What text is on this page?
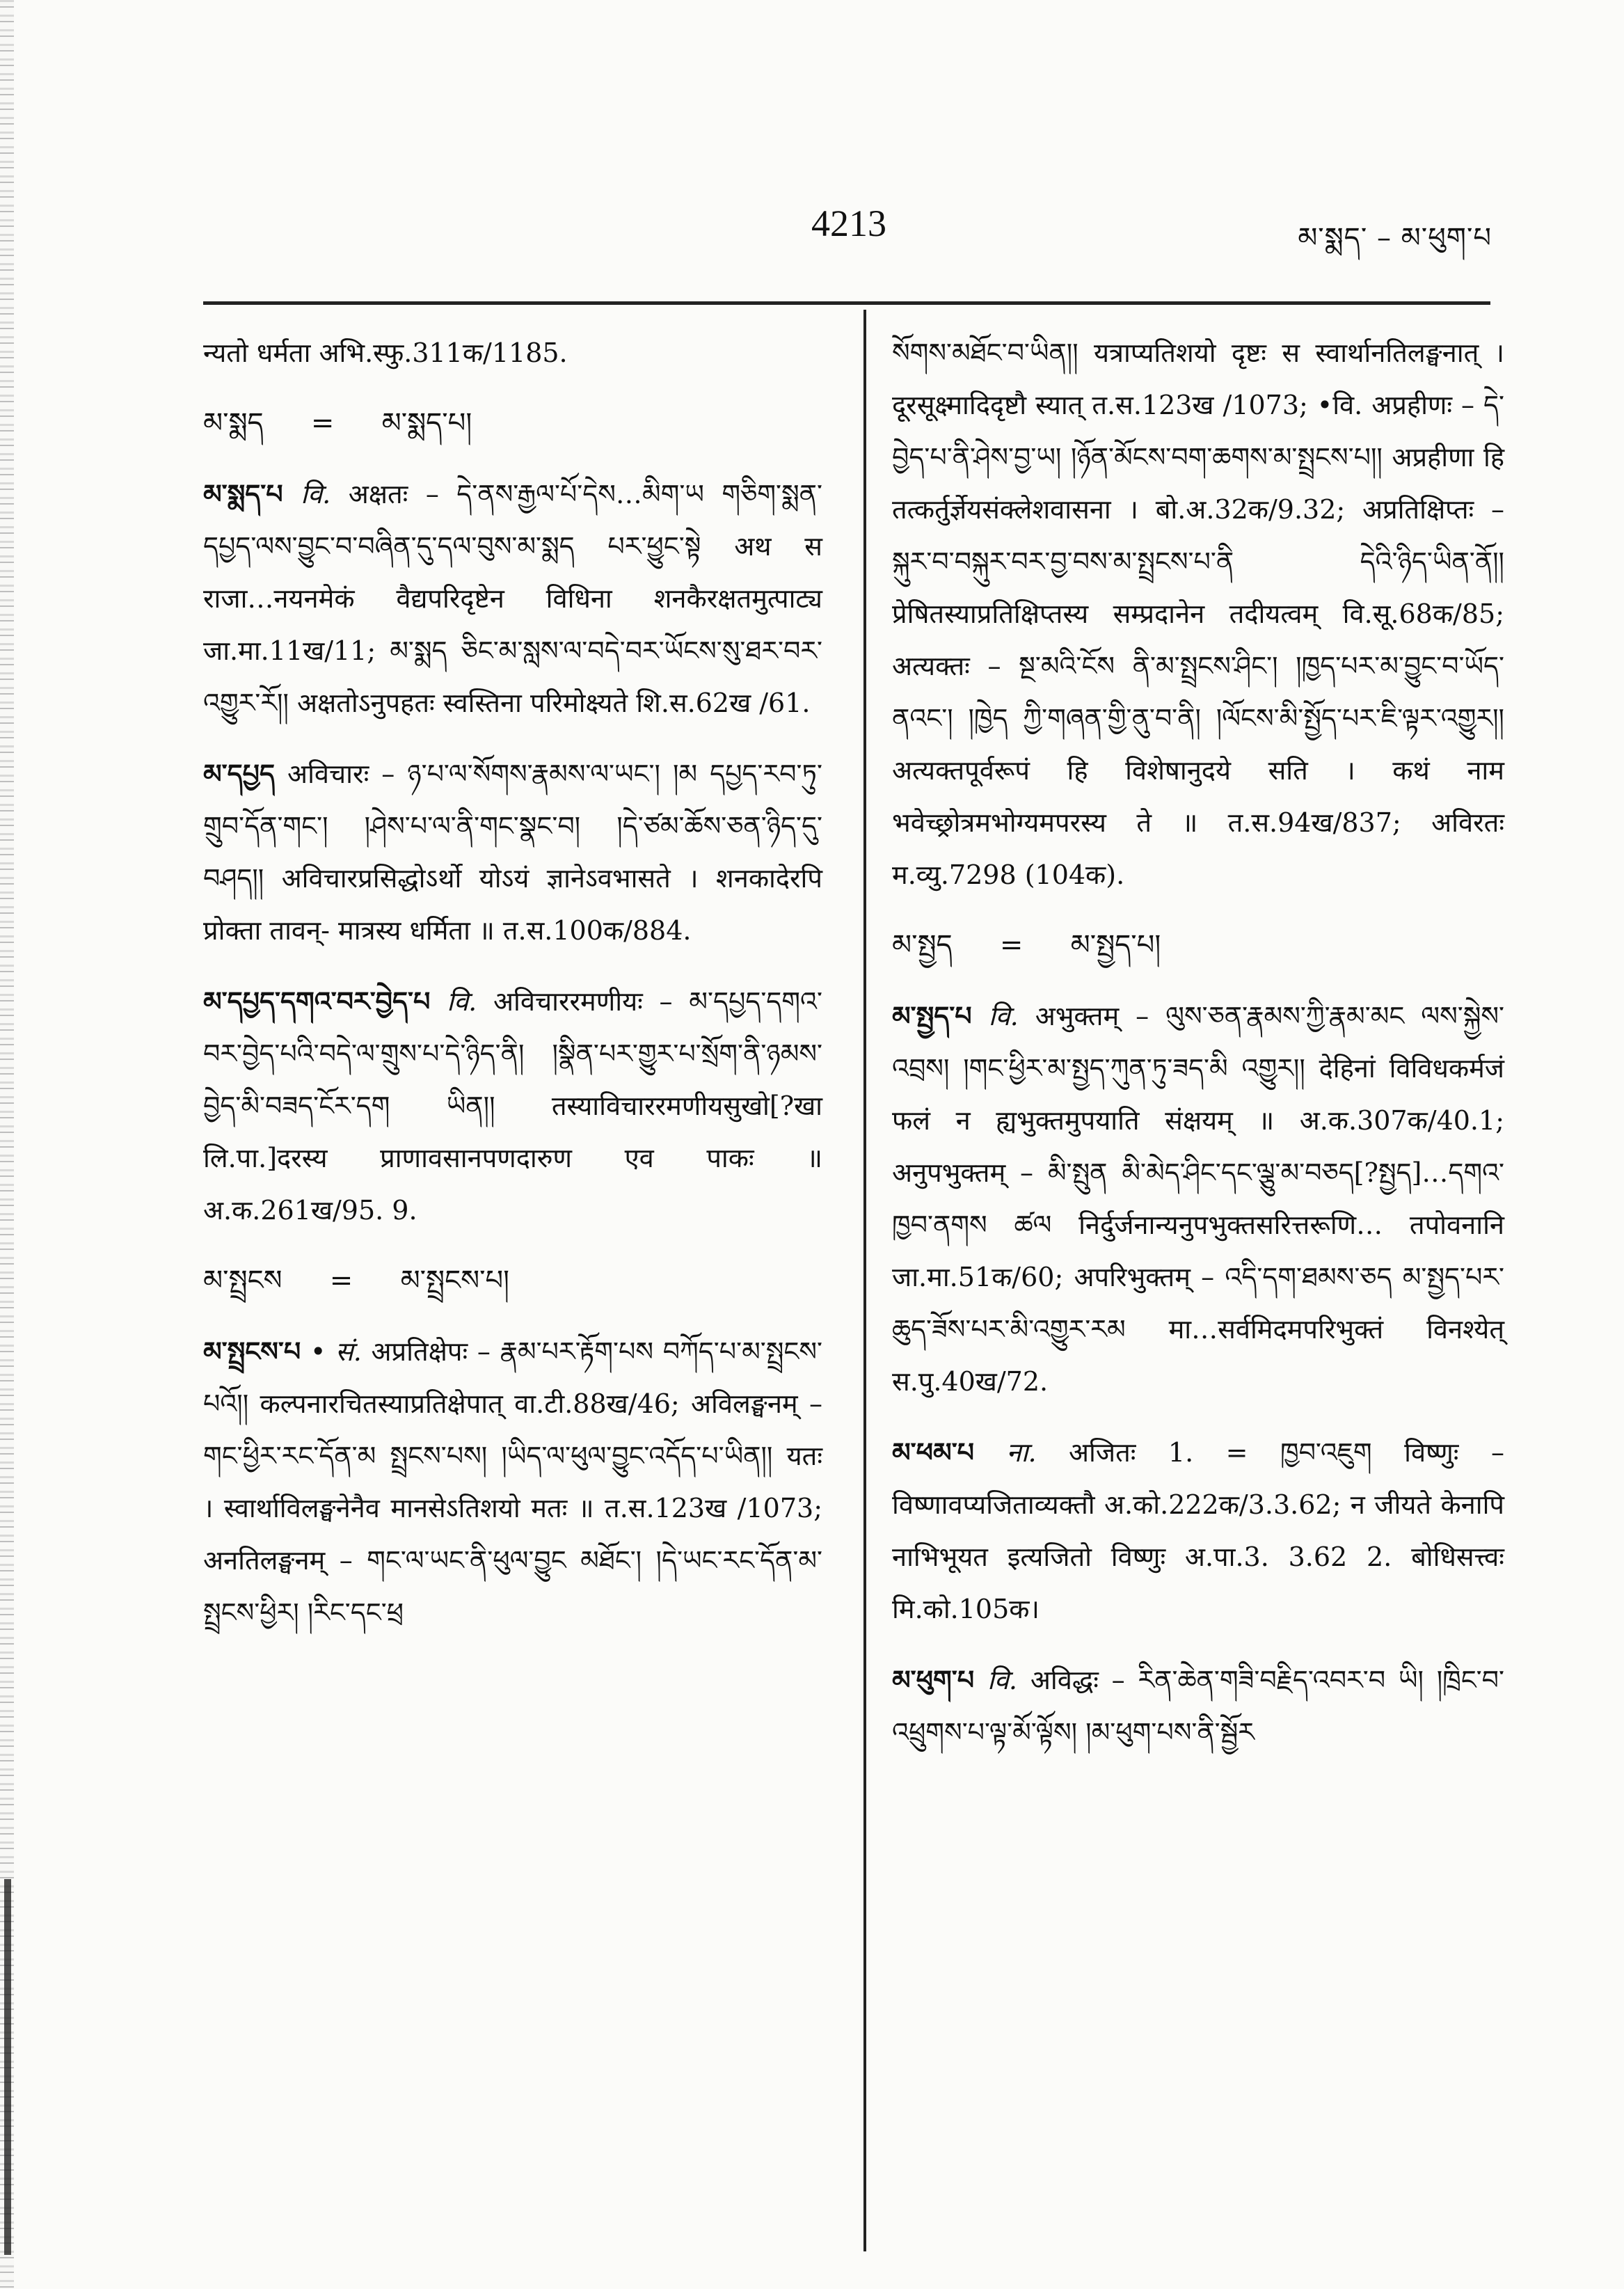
4213	མ་སྨད་ – མ་ཕུག་པ
न्यतो धर्मता अभि.स्फु.311क/1185.
མ་སྨད = མ་སྨད་པ།
མ་སྨད་པ वि. अक्षतः – དེ་ནས་རྒྱལ་པོ་དེས…མིག་ཡ གཅིག་སྨན་དཔྱད་ལས་བྱུང་བ་བཞིན་དུ་དལ་བུས་མ་སྨད པར་ཕྱུང་སྟེ अथ स राजा…नयनमेकं वैद्यपरिदृष्टेन विधिना शनकैरक्षतमुत्पाट्य जा.मा.11ख/11; མ་སྨད ཅིང་མ་སླས་ལ་བདེ་བར་ཡོངས་སུ་ཐར་བར་འགྱུར་རོ།། अक्षतोऽनुपहतः स्वस्तिना परिमोक्ष्यते शि.स.62ख /61.
མ་དཔྱད अविचारः – ཉ་པ་ལ་སོགས་རྣམས་ལ་ཡང་། །མ དཔྱད་རབ་ཏུ་གྲུབ་དོན་གང་། །ཤེས་པ་ལ་ནི་གང་སྣང་བ། །དེ་ཙམ་ཆོས་ཅན་ཉིད་དུ་བཤད།། अविचारप्रसिद्धोऽर्थो योऽयं ज्ञानेऽवभासते । शनकादेरपि प्रोक्ता तावन्- मात्रस्य धर्मिता ॥ त.स.100क/884.
མ་དཔྱད་དགའ་བར་བྱེད་པ वि. अविचाररमणीयः – མ་དཔྱད་དགའ་བར་བྱེད་པའི་བདེ་ལ་གྲུས་པ་དེ་ཉིད་ནི། །སྣིན་པར་གྱུར་པ་སྲོག་ནི་ཉམས་བྱེད་མི་བཟད་ངོར་དག ཡིན།། तस्याविचाररमणीयसुखो[?खा लि.पा.]दरस्य प्राणावसानपणदारुण एव पाकः ॥ अ.क.261ख/95. 9.
མ་སྤྲངས = མ་སྤྲངས་པ།
མ་སྤྲངས་པ • सं. अप्रतिक्षेपः – རྣམ་པར་རྟོག་པས བཀོད་པ་མ་སྤྲངས་པའོ།། कल्पनारचितस्याप्रतिक्षेपात् वा.टी.88ख/46; अविलङ्घनम् – གང་ཕྱིར་རང་དོན་མ སྤྲངས་པས། །ཡིད་ལ་ཕུལ་བྱུང་འདོད་པ་ཡིན།། यतः । स्वार्थाविलङ्घनेनैव मानसेऽतिशयो मतः ॥ त.स.123ख /1073; अनतिलङ्घनम् – གང་ལ་ཡང་ནི་ཕུལ་བྱུང མཐོང་། །དེ་ཡང་རང་དོན་མ་སྤྲངས་ཕྱིར། །རིང་དང་ཕྲ
སོགས་མཐོང་བ་ཡིན།། यत्राप्यतिशयो दृष्टः स स्वार्थानतिलङ्घनात् । दूरसूक्ष्मादिदृष्टौ स्यात् त.स.123ख /1073; •वि. अप्रहीणः – དེ་བྱེད་པ་ནི་ཤེས་བྱ་ཡ། །ཉོན་མོངས་བག་ཆགས་མ་སྤྲངས་པ།། अप्रहीणा हि तत्कर्तुर्ज्ञेयसंक्लेशवासना । बो.अ.32क/9.32; अप्रतिक्षिप्तः – སྐུར་བ་བསྐུར་བར་བྱ་བས་མ་སྤྲངས་པ་ནི དེའི་ཉིད་ཡིན་ནོ།། प्रेषितस्याप्रतिक्षिप्तस्य सम्प्रदानेन तदीयत्वम् वि.सू.68क/85; अत्यक्तः – སྔ་མའི་ངོས ནི་མ་སྤྲངས་ཤིང་། །ཁྱད་པར་མ་བྱུང་བ་ཡོད་ནའང་། །ཁྱེད ཀྱི་གཞན་གྱི་ནུ་བ་ནི། །ལོངས་མི་སྤྱོད་པར་ཇི་ལྟར་འགྱུར།། अत्यक्तपूर्वरूपं हि विशेषानुदये सति । कथं नाम भवेच्छ्रोत्रमभोग्यमपरस्य ते ॥ त.स.94ख/837; अविरतः म.व्यु.7298 (104क).
མ་སྤྱད = མ་སྤྱད་པ།
མ་སྤྱད་པ वि. अभुक्तम् – ལུས་ཅན་རྣམས་ཀྱི་རྣམ་མང ལས་སྐྱེས་འབྲས། །གང་ཕྱིར་མ་སྤྱད་ཀུན་ཏུ་ཟད་མི འགྱུར།། देहिनां विविधकर्मजं फलं न ह्यभुक्तमुपयाति संक्षयम् ॥ अ.क.307क/40.1; अनुपभुक्तम् – མི་སྤུན མི་མེད་ཤིང་དང་ལྕུ་མ་བཅད[?སྤྱད]…དགའ་ཁྱབ་ནགས ཚལ निर्दुर्जनान्यनुपभुक्तसरित्तरूणि… तपोवनानि जा.मा.51क/60; अपरिभुक्तम् – འདི་དག་ཐམས་ཅད མ་སྤྱད་པར་ཆུད་ཟོས་པར་མི་འགྱུར་རམ मा…सर्वमिदमपरिभुक्तं विनश्येत् स.पु.40ख/72.
མ་ཕམ་པ ना. अजितः 1. = ཁྱབ་འཇུག विष्णुः – विष्णावप्यजिताव्यक्तौ अ.को.222क/3.3.62; न जीयते केनापि नाभिभूयत इत्यजितो विष्णुः अ.पा.3. 3.62 2. बोधिसत्त्वः मि.को.105क।
མ་ཕུག་པ वि. अविद्धः – རིན་ཆེན་གཟི་བརྗིད་འབར་བ ཡི། །ཁྲིང་བ་འཕྲུགས་པ་ལྟ་མོ་ལྟོས། །མ་ཕུག་པས་ནི་སྦྱོར
